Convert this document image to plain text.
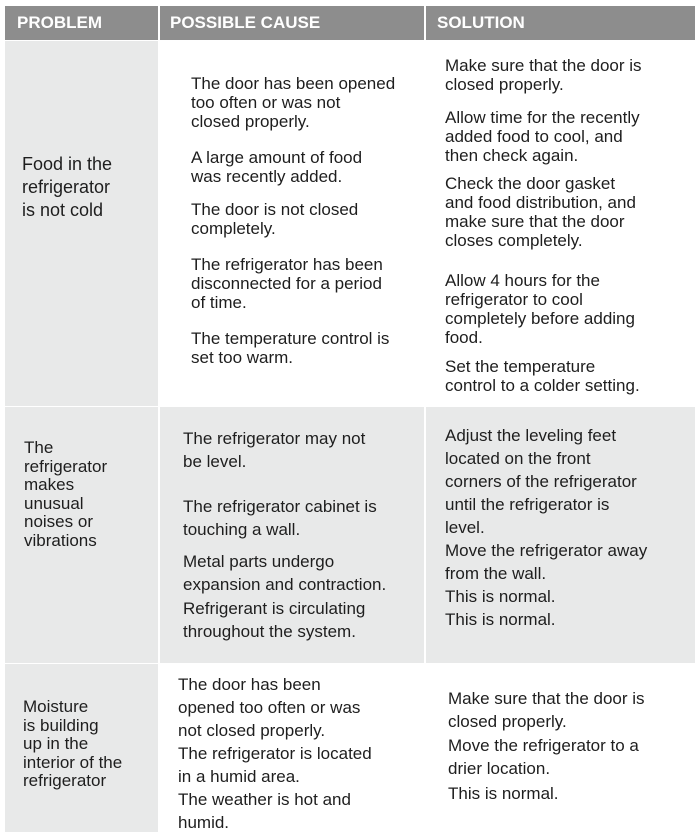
PROBLEM	POSSIBLE CAUSE	SOLUTION
Food in the
refrigerator
is not cold
The door has been opened
too often or was not
closed properly.
A large amount of food
was recently added.
The door is not closed
completely.
The refrigerator has been
disconnected for a period
of time.
The temperature control is
set too warm.
Make sure that the door is
closed properly.
Allow time for the recently
added food to cool, and
then check again.
Check the door gasket
and food distribution, and
make sure that the door
closes completely.
Allow 4 hours for the
refrigerator to cool
completely before adding
food.
Set the temperature
control to a colder setting.
The
refrigerator
makes
unusual
noises or
vibrations
The refrigerator may not
be level.
The refrigerator cabinet is
touching a wall.
Metal parts undergo
expansion and contraction.
Refrigerant is circulating
throughout the system.
Adjust the leveling feet
located on the front
corners of the refrigerator
until the refrigerator is
level.
Move the refrigerator away
from the wall.
This is normal.
This is normal.
Moisture
is building
up in the
interior of the
refrigerator
The door has been
opened too often or was
not closed properly.
The refrigerator is located
in a humid area.
The weather is hot and
humid.
Make sure that the door is
closed properly.
Move the refrigerator to a
drier location.
This is normal.
